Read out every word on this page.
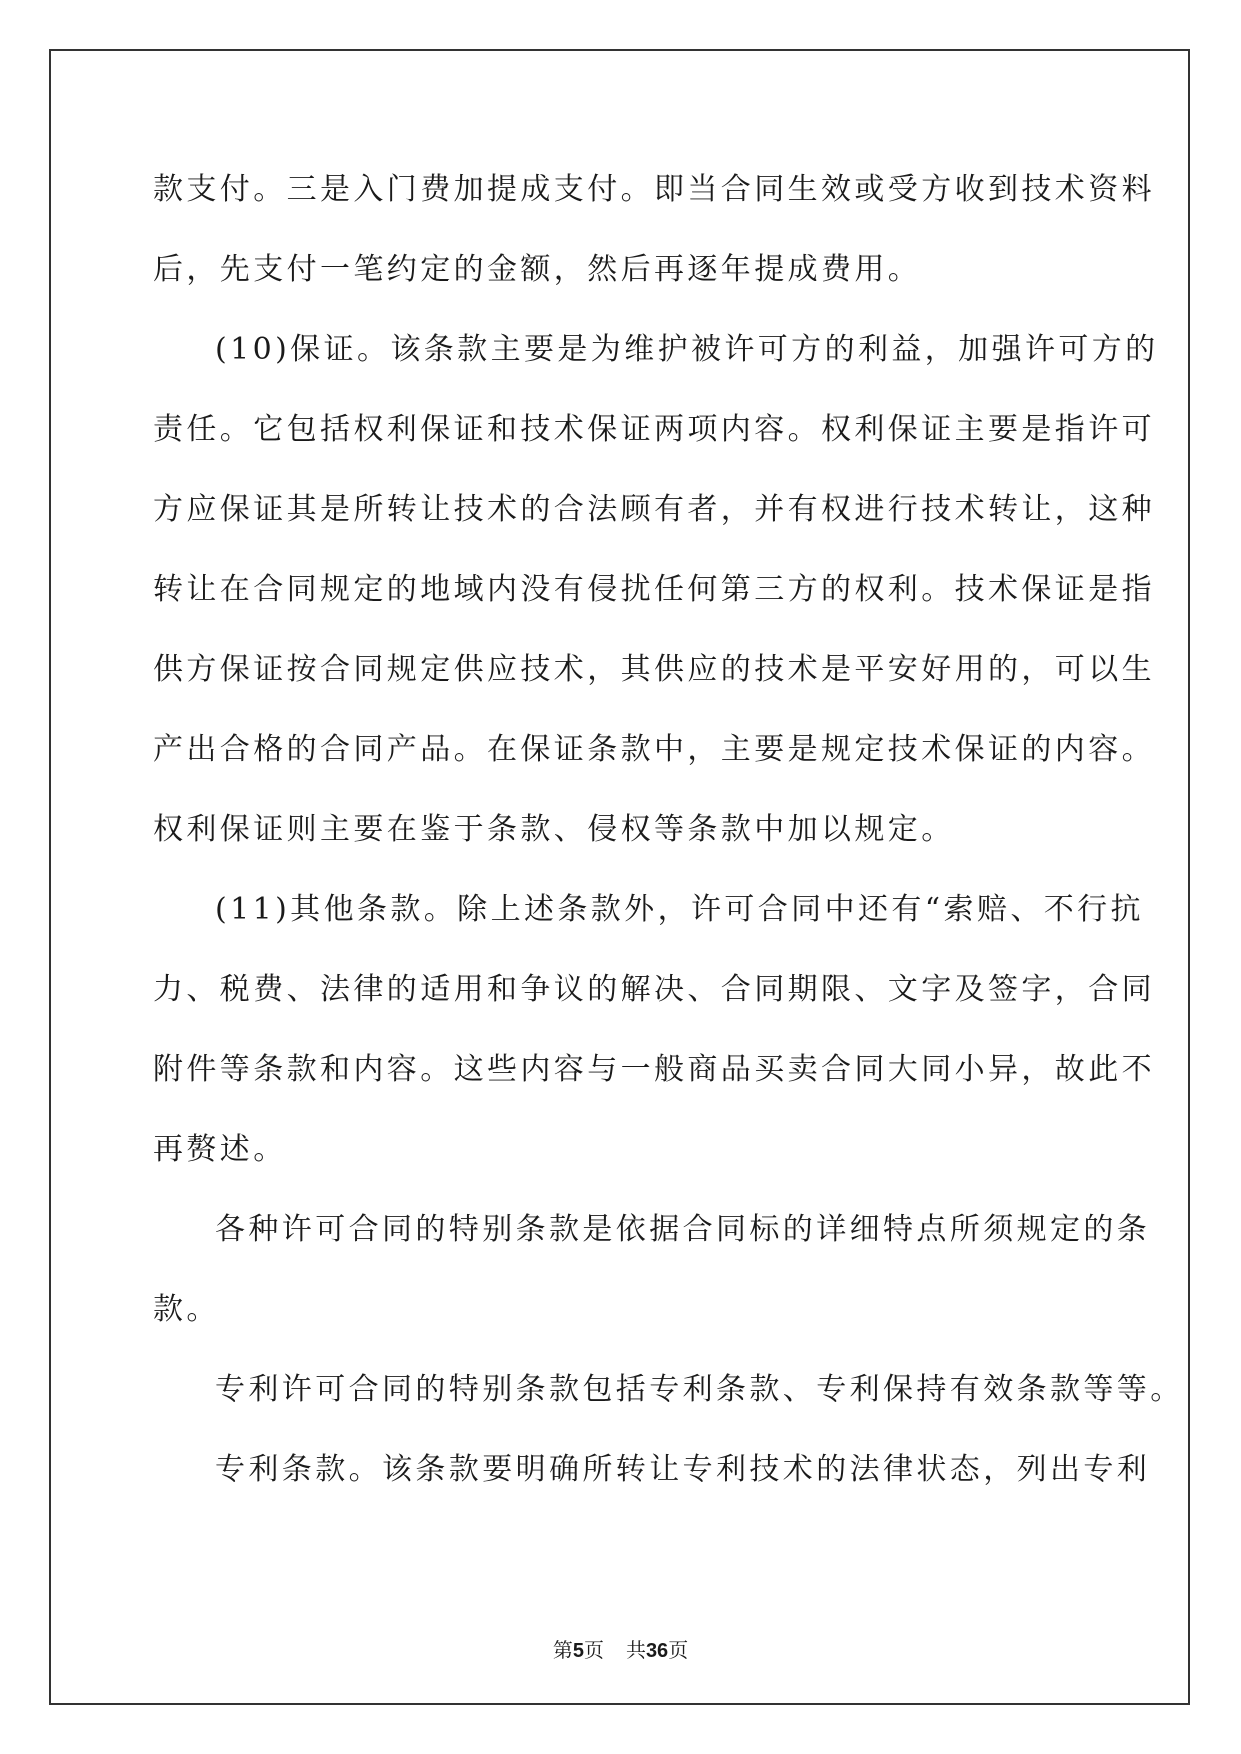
款支付。三是入门费加提成支付。即当合同生效或受方收到技术资料
后，先支付一笔约定的金额，然后再逐年提成费用。
(10)保证。该条款主要是为维护被许可方的利益，加强许可方的
责任。它包括权利保证和技术保证两项内容。权利保证主要是指许可
方应保证其是所转让技术的合法顾有者，并有权进行技术转让，这种
转让在合同规定的地域内没有侵扰任何第三方的权利。技术保证是指
供方保证按合同规定供应技术，其供应的技术是平安好用的，可以生
产出合格的合同产品。在保证条款中，主要是规定技术保证的内容。
权利保证则主要在鉴于条款、侵权等条款中加以规定。
(11)其他条款。除上述条款外，许可合同中还有“索赔、不行抗
力、税费、法律的适用和争议的解决、合同期限、文字及签字，合同
附件等条款和内容。这些内容与一般商品买卖合同大同小异，故此不
再赘述。
各种许可合同的特别条款是依据合同标的详细特点所须规定的条
款。
专利许可合同的特别条款包括专利条款、专利保持有效条款等等。
专利条款。该条款要明确所转让专利技术的法律状态，列出专利
第5页 共36页
